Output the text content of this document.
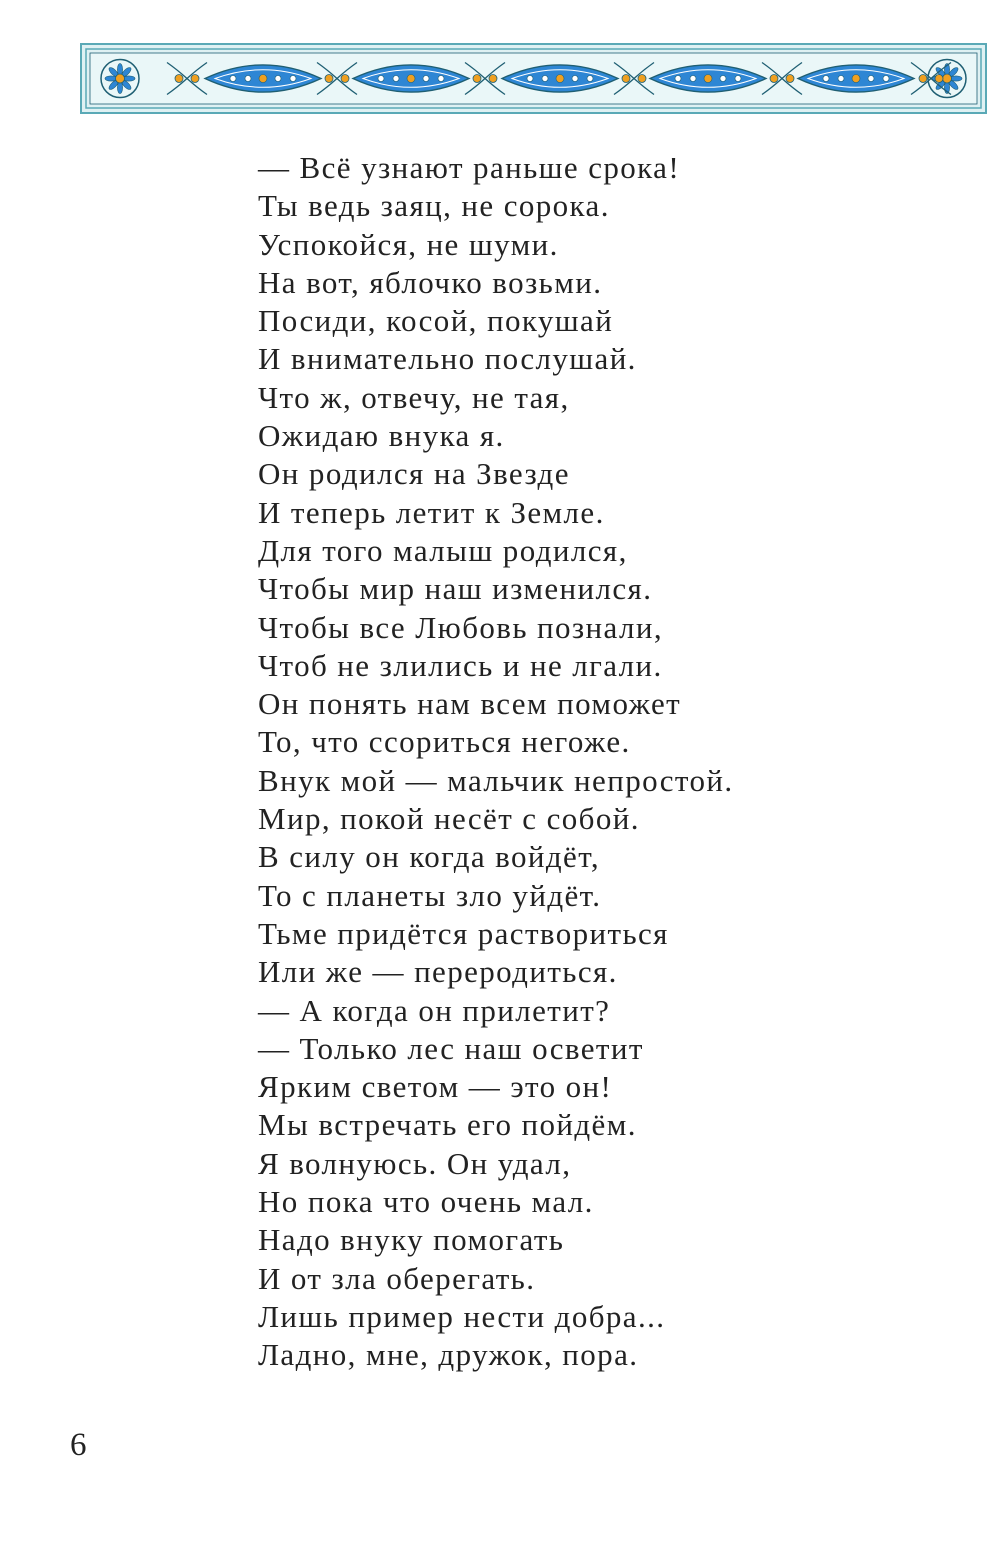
— Всё узнают раньше срока!
Ты ведь заяц, не сорока.
Успокойся, не шуми.
На вот, яблочко возьми.
Посиди, косой, покушай
И внимательно послушай.
Что ж, отвечу, не тая,
Ожидаю внука я.
Он родился на Звезде
И теперь летит к Земле.
Для того малыш родился,
Чтобы мир наш изменился.
Чтобы все Любовь познали,
Чтоб не злились и не лгали.
Он понять нам всем поможет
То, что ссориться негоже.
Внук мой — мальчик непростой.
Мир, покой несёт с собой.
В силу он когда войдёт,
То с планеты зло уйдёт.
Тьме придётся раствориться
Или же — переродиться.
— А когда он прилетит?
— Только лес наш осветит
Ярким светом — это он!
Мы встречать его пойдём.
Я волнуюсь. Он удал,
Но пока что очень мал.
Надо внуку помогать
И от зла оберегать.
Лишь пример нести добра...
Ладно, мне, дружок, пора.
6
